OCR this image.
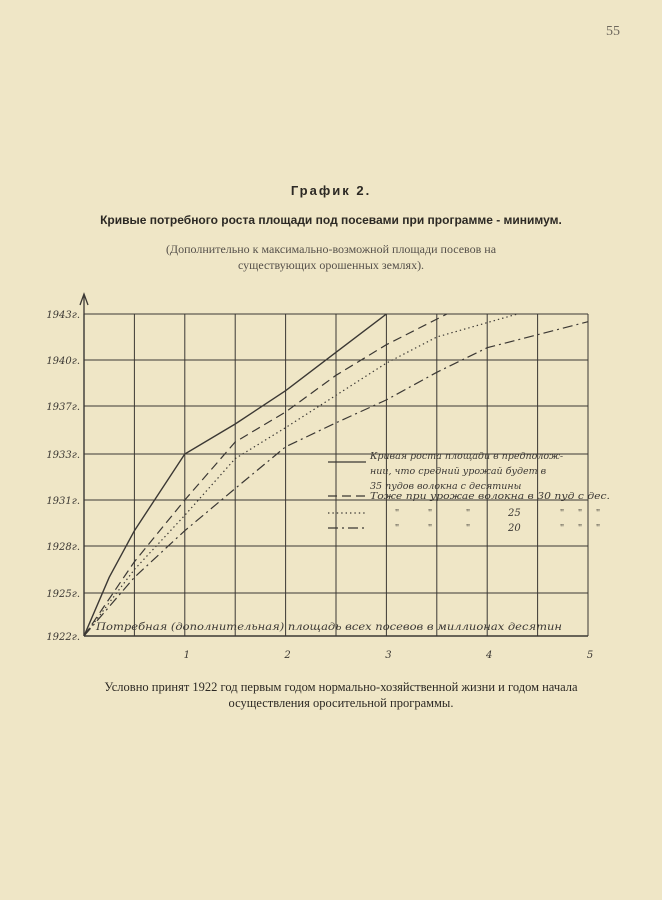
55
График 2.
Кривые потребного роста площади под посевами при программе - минимум.
(Дополнительно к максимально-возможной площади посевов на
существующих орошенных землях).
1943г.
1940г.
1937г.
1933г.
1931г.
1928г.
1925г.
1922г.
1	2	3	4	5
Потребная (дополнительная) площадь всех посевов в миллионах десятин
Кривая роста площади в предполож-
нии, что средний урожай будет в
35 пудов волокна с десятины
Тоже при урожае волокна в 30 пуд с дес.
"	"	"	25	" " "
"	"	"	20	" " "
Условно принят 1922 год первым годом нормально-хозяйственной жизни и годом начала
осуществления оросительной программы.
